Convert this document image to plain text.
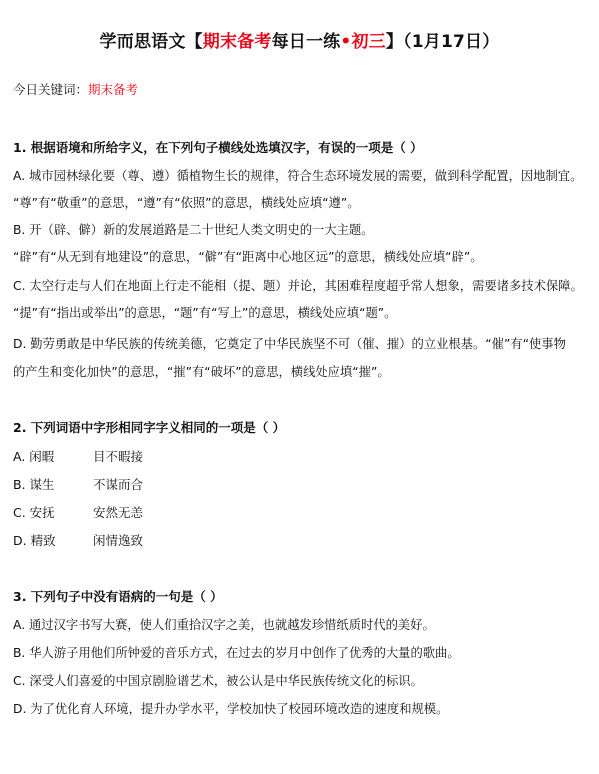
学而思语文【期末备考每日一练•初三】（1月17日）
今日关键词：期末备考
1. 根据语境和所给字义，在下列句子横线处选填汉字，有误的一项是（ ）
A. 城市园林绿化要（尊、遵）循植物生长的规律，符合生态环境发展的需要，做到科学配置，因地制宜。
“尊”有“敬重”的意思，“遵”有“依照”的意思，横线处应填“遵”。
B. 开（辟、僻）新的发展道路是二十世纪人类文明史的一大主题。
“辟”有“从无到有地建设”的意思，“僻”有“距离中心地区远”的意思，横线处应填“辟”。
C. 太空行走与人们在地面上行走不能相（提、题）并论，其困难程度超乎常人想象，需要诸多技术保障。
“提”有“指出或举出”的意思，“题”有“写上”的意思，横线处应填“题”。
D. 勤劳勇敢是中华民族的传统美德，它奠定了中华民族坚不可（催、摧）的立业根基。“催”有“使事物
的产生和变化加快”的意思，“摧”有“破坏”的意思，横线处应填“摧”。
2. 下列词语中字形相同字字义相同的一项是（ ）
A. 闲暇	目不暇接
B. 谋生	不谋而合
C. 安抚	安然无恙
D. 精致	闲情逸致
3. 下列句子中没有语病的一句是（ ）
A. 通过汉字书写大赛，使人们重拾汉字之美，也就越发珍惜纸质时代的美好。
B. 华人游子用他们所钟爱的音乐方式，在过去的岁月中创作了优秀的大量的歌曲。
C. 深受人们喜爱的中国京剧脸谱艺术，被公认是中华民族传统文化的标识。
D. 为了优化育人环境，提升办学水平，学校加快了校园环境改造的速度和规模。
